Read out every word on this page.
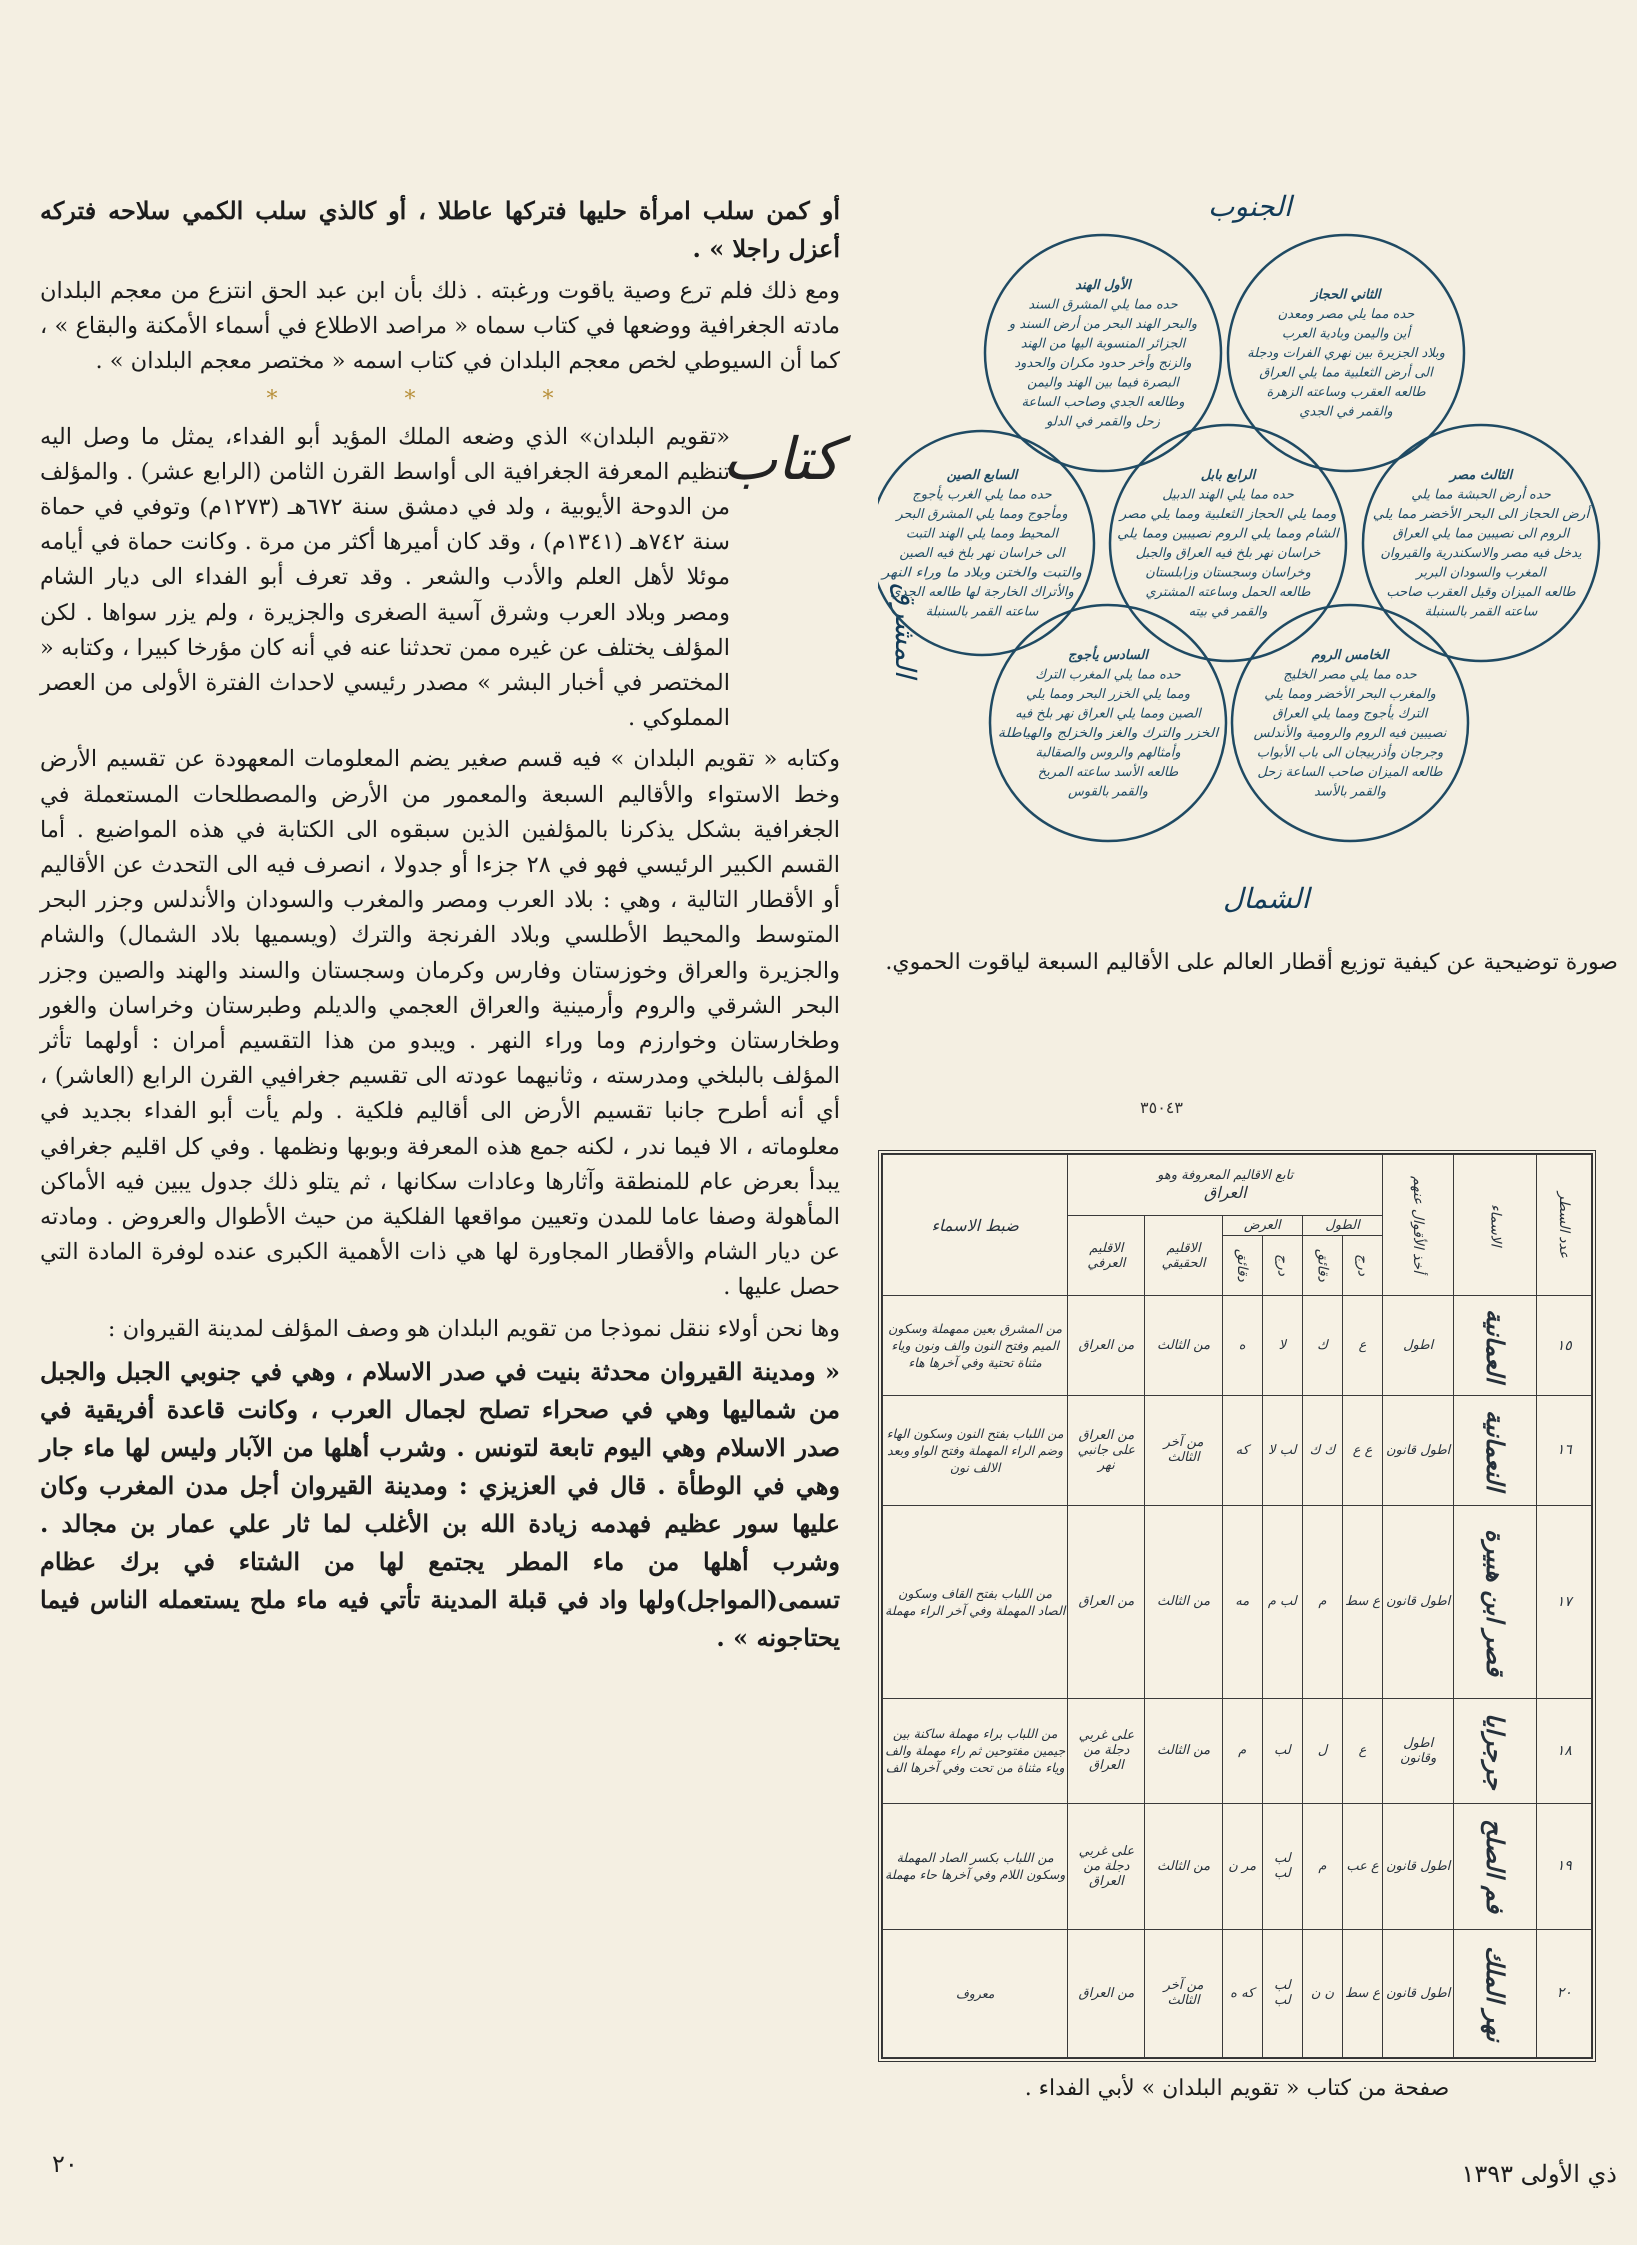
أو كمن سلب امرأة حليها فتركها عاطلا ، أو كالذي سلب الكمي سلاحه فتركه أعزل راجلا » .

ومع ذلك فلم ترع وصية ياقوت ورغبته . ذلك بأن ابن عبد الحق انتزع من معجم البلدان مادته الجغرافية ووضعها في كتاب سماه « مراصد الاطلاع في أسماء الأمكنة والبقاع » ، كما أن السيوطي لخص معجم البلدان في كتاب اسمه « مختصر معجم البلدان » .

* * *
كتاب

«تقويم البلدان» الذي وضعه الملك المؤيد أبو الفداء، يمثل ما وصل اليه تنظيم المعرفة الجغرافية الى أواسط القرن الثامن (الرابع عشر) . والمؤلف من الدوحة الأيوبية ، ولد في دمشق سنة ٦٧٢هـ (١٢٧٣م) وتوفي في حماة سنة ٧٤٢هـ (١٣٤١م) ، وقد كان أميرها أكثر من مرة . وكانت حماة في أيامه موئلا لأهل العلم والأدب والشعر . وقد تعرف أبو الفداء الى ديار الشام ومصر وبلاد العرب وشرق آسية الصغرى والجزيرة ، ولم يزر سواها . لكن المؤلف يختلف عن غيره ممن تحدثنا عنه في أنه كان مؤرخا كبيرا ، وكتابه « المختصر في أخبار البشر » مصدر رئيسي لاحداث الفترة الأولى من العصر المملوكي .

وكتابه « تقويم البلدان » فيه قسم صغير يضم المعلومات المعهودة عن تقسيم الأرض وخط الاستواء والأقاليم السبعة والمعمور من الأرض والمصطلحات المستعملة في الجغرافية بشكل يذكرنا بالمؤلفين الذين سبقوه الى الكتابة في هذه المواضيع . أما القسم الكبير الرئيسي فهو في ٢٨ جزءا أو جدولا ، انصرف فيه الى التحدث عن الأقاليم أو الأقطار التالية ، وهي : بلاد العرب ومصر والمغرب والسودان والأندلس وجزر البحر المتوسط والمحيط الأطلسي وبلاد الفرنجة والترك (ويسميها بلاد الشمال) والشام والجزيرة والعراق وخوزستان وفارس وكرمان وسجستان والسند والهند والصين وجزر البحر الشرقي والروم وأرمينية والعراق العجمي والديلم وطبرستان وخراسان والغور وطخارستان وخوارزم وما وراء النهر . ويبدو من هذا التقسيم أمران : أولهما تأثر المؤلف بالبلخي ومدرسته ، وثانيهما عودته الى تقسيم جغرافيي القرن الرابع (العاشر) ، أي أنه أطرح جانبا تقسيم الأرض الى أقاليم فلكية . ولم يأت أبو الفداء بجديد في معلوماته ، الا فيما ندر ، لكنه جمع هذه المعرفة وبوبها ونظمها . وفي كل اقليم جغرافي يبدأ بعرض عام للمنطقة وآثارها وعادات سكانها ، ثم يتلو ذلك جدول يبين فيه الأماكن المأهولة وصفا عاما للمدن وتعيين مواقعها الفلكية من حيث الأطوال والعروض . ومادته عن ديار الشام والأقطار المجاورة لها هي ذات الأهمية الكبرى عنده لوفرة المادة التي حصل عليها .

وها نحن أولاء ننقل نموذجا من تقويم البلدان هو وصف المؤلف لمدينة القيروان :

« ومدينة القيروان محدثة بنيت في صدر الاسلام ، وهي في جنوبي الجبل والجبل من شماليها وهي في صحراء تصلح لجمال العرب ، وكانت قاعدة أفريقية في صدر الاسلام وهي اليوم تابعة لتونس . وشرب أهلها من الآبار وليس لها ماء جار وهي في الوطأة . قال في العزيزي : ومدينة القيروان أجل مدن المغرب وكان عليها سور عظيم فهدمه زيادة الله بن الأغلب لما ثار علي عمار بن مجالد . وشرب أهلها من ماء المطر يجتمع لها من الشتاء في برك عظام تسمى(المواجل)ولها واد في قبلة المدينة تأتي فيه ماء ملح يستعمله الناس فيما يحتاجونه » .

٢٠	ذي الأولى ١٣٩٣
الجنوب
الشمال
المشرق
الأول الهند
حده مما يلي المشرق السند
والبحر الهند البحر من أرض السند و
الجزائر المنسوبة اليها من الهند
والزنج وأخر حدود مكران والحدود
البصرة فيما بين الهند واليمن
وطالعه الجدي وصاحب الساعة
زحل والقمر في الدلو
الثاني الحجاز
حده مما يلي مصر ومعدن
أين واليمن وبادية العرب
وبلاد الجزيرة بين نهري الفرات ودجلة
الى أرض الثعلبية مما يلي العراق
طالعه العقرب وساعته الزهرة
والقمر في الجدي
الثالث مصر
حده أرض الحبشة مما يلي
أرض الحجاز الى البحر الأخضر مما يلي
الروم الى نصيبين مما يلي العراق
يدخل فيه مصر والاسكندرية والقيروان
المغرب والسودان البربر
طالعه الميزان وقيل العقرب صاحب
ساعته القمر بالسنبلة
الرابع بابل
حده مما يلي الهند الدبيل
ومما يلي الحجاز الثعلبية ومما يلي مصر
الشام ومما يلي الروم نصيبين ومما يلي
خراسان نهر بلخ فيه العراق والجبل
وخراسان وسجستان وزابلستان
طالعه الحمل وساعته المشتري
والقمر في بيته
السابع الصين
حده مما يلي الغرب يأجوج
ومأجوج ومما يلي المشرق البحر
المحيط ومما يلي الهند التبت
الى خراسان نهر بلخ فيه الصين
والتبت والختن وبلاد ما وراء النهر
والأتراك الخارجة لها طالعه الجدي
ساعته القمر بالسنبلة
الخامس الروم
حده مما يلي مصر الخليج
والمغرب البحر الأخضر ومما يلي
الترك يأجوج ومما يلي العراق
نصيبين فيه الروم والرومية والأندلس
وجرجان وأذربيجان الى باب الأبواب
طالعه الميزان صاحب الساعة زحل
والقمر بالأسد
السادس يأجوج
حده مما يلي المغرب الترك
ومما يلي الخزر البحر ومما يلي
الصين ومما يلي العراق نهر بلخ فيه
الخزر والترك والغز والخزلج والهياطلة
وأمثالهم والروس والصقالبة
طالعه الأسد ساعته المريخ
والقمر بالقوس
صورة توضيحية عن كيفية توزيع أقطار العالم على الأقاليم السبعة لياقوت الحموي.
٣٥٠٤٣
عدد السطر	الاسماء	أخذ الأقوال عنهم	تابع الاقاليم المعروفة وهو
العراق						ضبط الاسماء
			الطول		العرض		الاقليم الحقيقي	الاقليم العرفي	
			درج	دقائق	درج	دقائق			
١٥	العمانية	اطول	ع	ك	لا	ه	من الثالث	من العراق	من المشرق بعين ممهملة وسكون الميم وفتح النون والف ونون وياء مثناة تحتية وفي آخرها هاء
١٦	النعمانية	اطول قانون	ع ع	ك ك	لب لا	كه	من آخر الثالث	من العراق على جانبي نهر	من اللباب بفتح النون وسكون الهاء وضم الراء المهملة وفتح الواو وبعد الالف نون
١٧	قصر ابن هبيرة	اطول قانون	ع سط	م	لب م	مه	من الثالث	من العراق	من اللباب بفتح القاف وسكون الصاد المهملة وفي آخر الراء مهملة
١٨	جرجرايا	اطول وقانون	ع	ل	لب	م	من الثالث	على غربي دجلة من العراق	من اللباب براء مهملة ساكنة بين جيمين مفتوحين ثم راء مهملة والف وياء مثناة من تحت وفي آخرها الف
١٩	فم الصلح	اطول قانون	ع عب	م	لب لب	مر ن	من الثالث	على غربي دجلة من العراق	من اللباب بكسر الصاد المهملة وسكون اللام وفي آخرها حاء مهملة
٢٠	نهر الملك	اطول قانون	ع سط	ن ن	لب لب	كه ه	من آخر الثالث	من العراق	معروف
صفحة من كتاب « تقويم البلدان » لأبي الفداء .
